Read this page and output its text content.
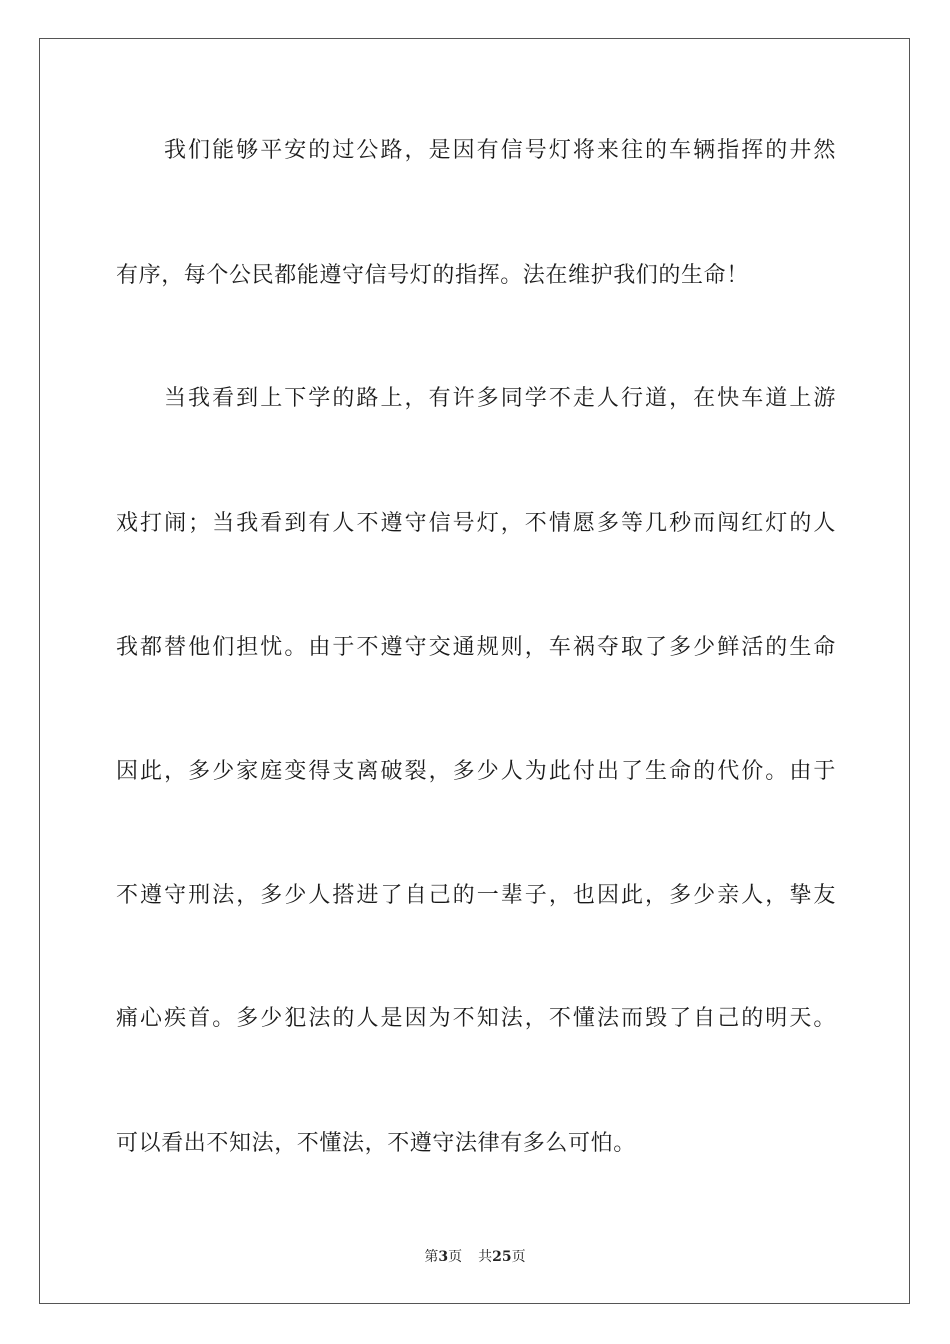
我们能够平安的过公路，是因有信号灯将来往的车辆指挥的井然
有序，每个公民都能遵守信号灯的指挥。法在维护我们的生命！
当我看到上下学的路上，有许多同学不走人行道，在快车道上游
戏打闹；当我看到有人不遵守信号灯，不情愿多等几秒而闯红灯的人
我都替他们担忧。由于不遵守交通规则，车祸夺取了多少鲜活的生命
因此，多少家庭变得支离破裂，多少人为此付出了生命的代价。由于
不遵守刑法，多少人搭进了自己的一辈子，也因此，多少亲人，挚友
痛心疾首。多少犯法的人是因为不知法，不懂法而毁了自己的明天。
可以看出不知法，不懂法，不遵守法律有多么可怕。
第3页 共25页
